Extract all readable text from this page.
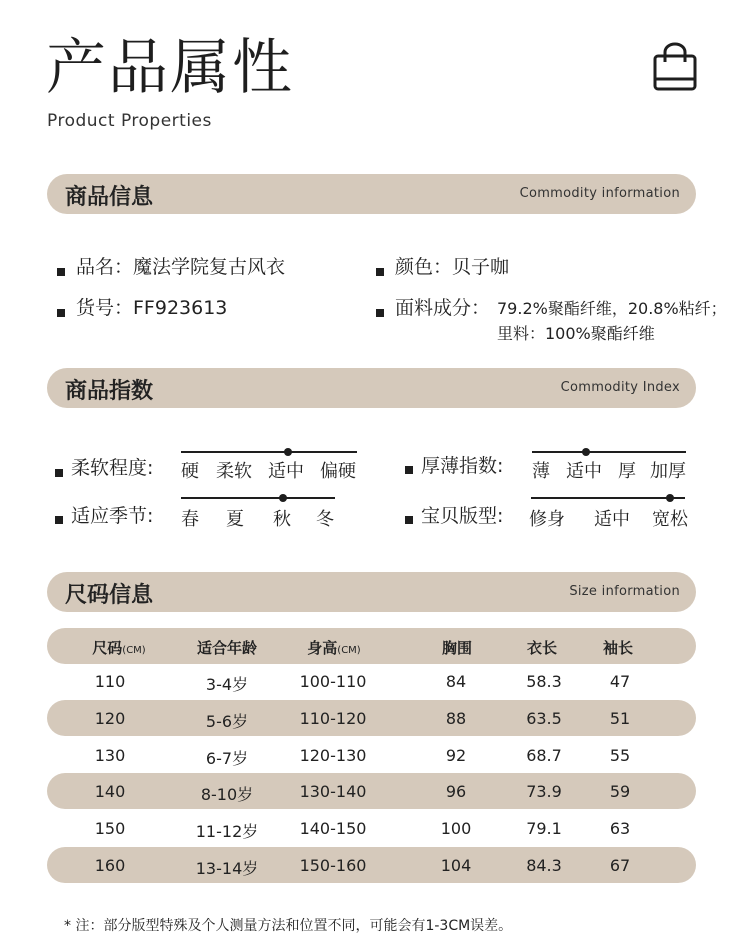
产品属性
Product Properties
商品信息	Commodity information
品名：魔法学院复古风衣
货号：FF923613
颜色：贝子咖
面料成分： 79.2%聚酯纤维，20.8%粘纤；
里料：100%聚酯纤维
商品指数	Commodity Index
柔软程度: 硬 柔软 适中 偏硬	厚薄指数: 薄 适中 厚 加厚
适应季节: 春 夏 秋 冬	宝贝版型: 修身 适中 宽松
尺码信息	Size information
尺码(CM)	适合年龄	身高(CM)	胸围	衣长	袖长
110	3-4岁	100-110	84	58.3	47
120	5-6岁	110-120	88	63.5	51
130	6-7岁	120-130	92	68.7	55
140	8-10岁	130-140	96	73.9	59
150	11-12岁	140-150	100	79.1	63
160	13-14岁	150-160	104	84.3	67
* 注：部分版型特殊及个人测量方法和位置不同，可能会有1-3CM误差。
